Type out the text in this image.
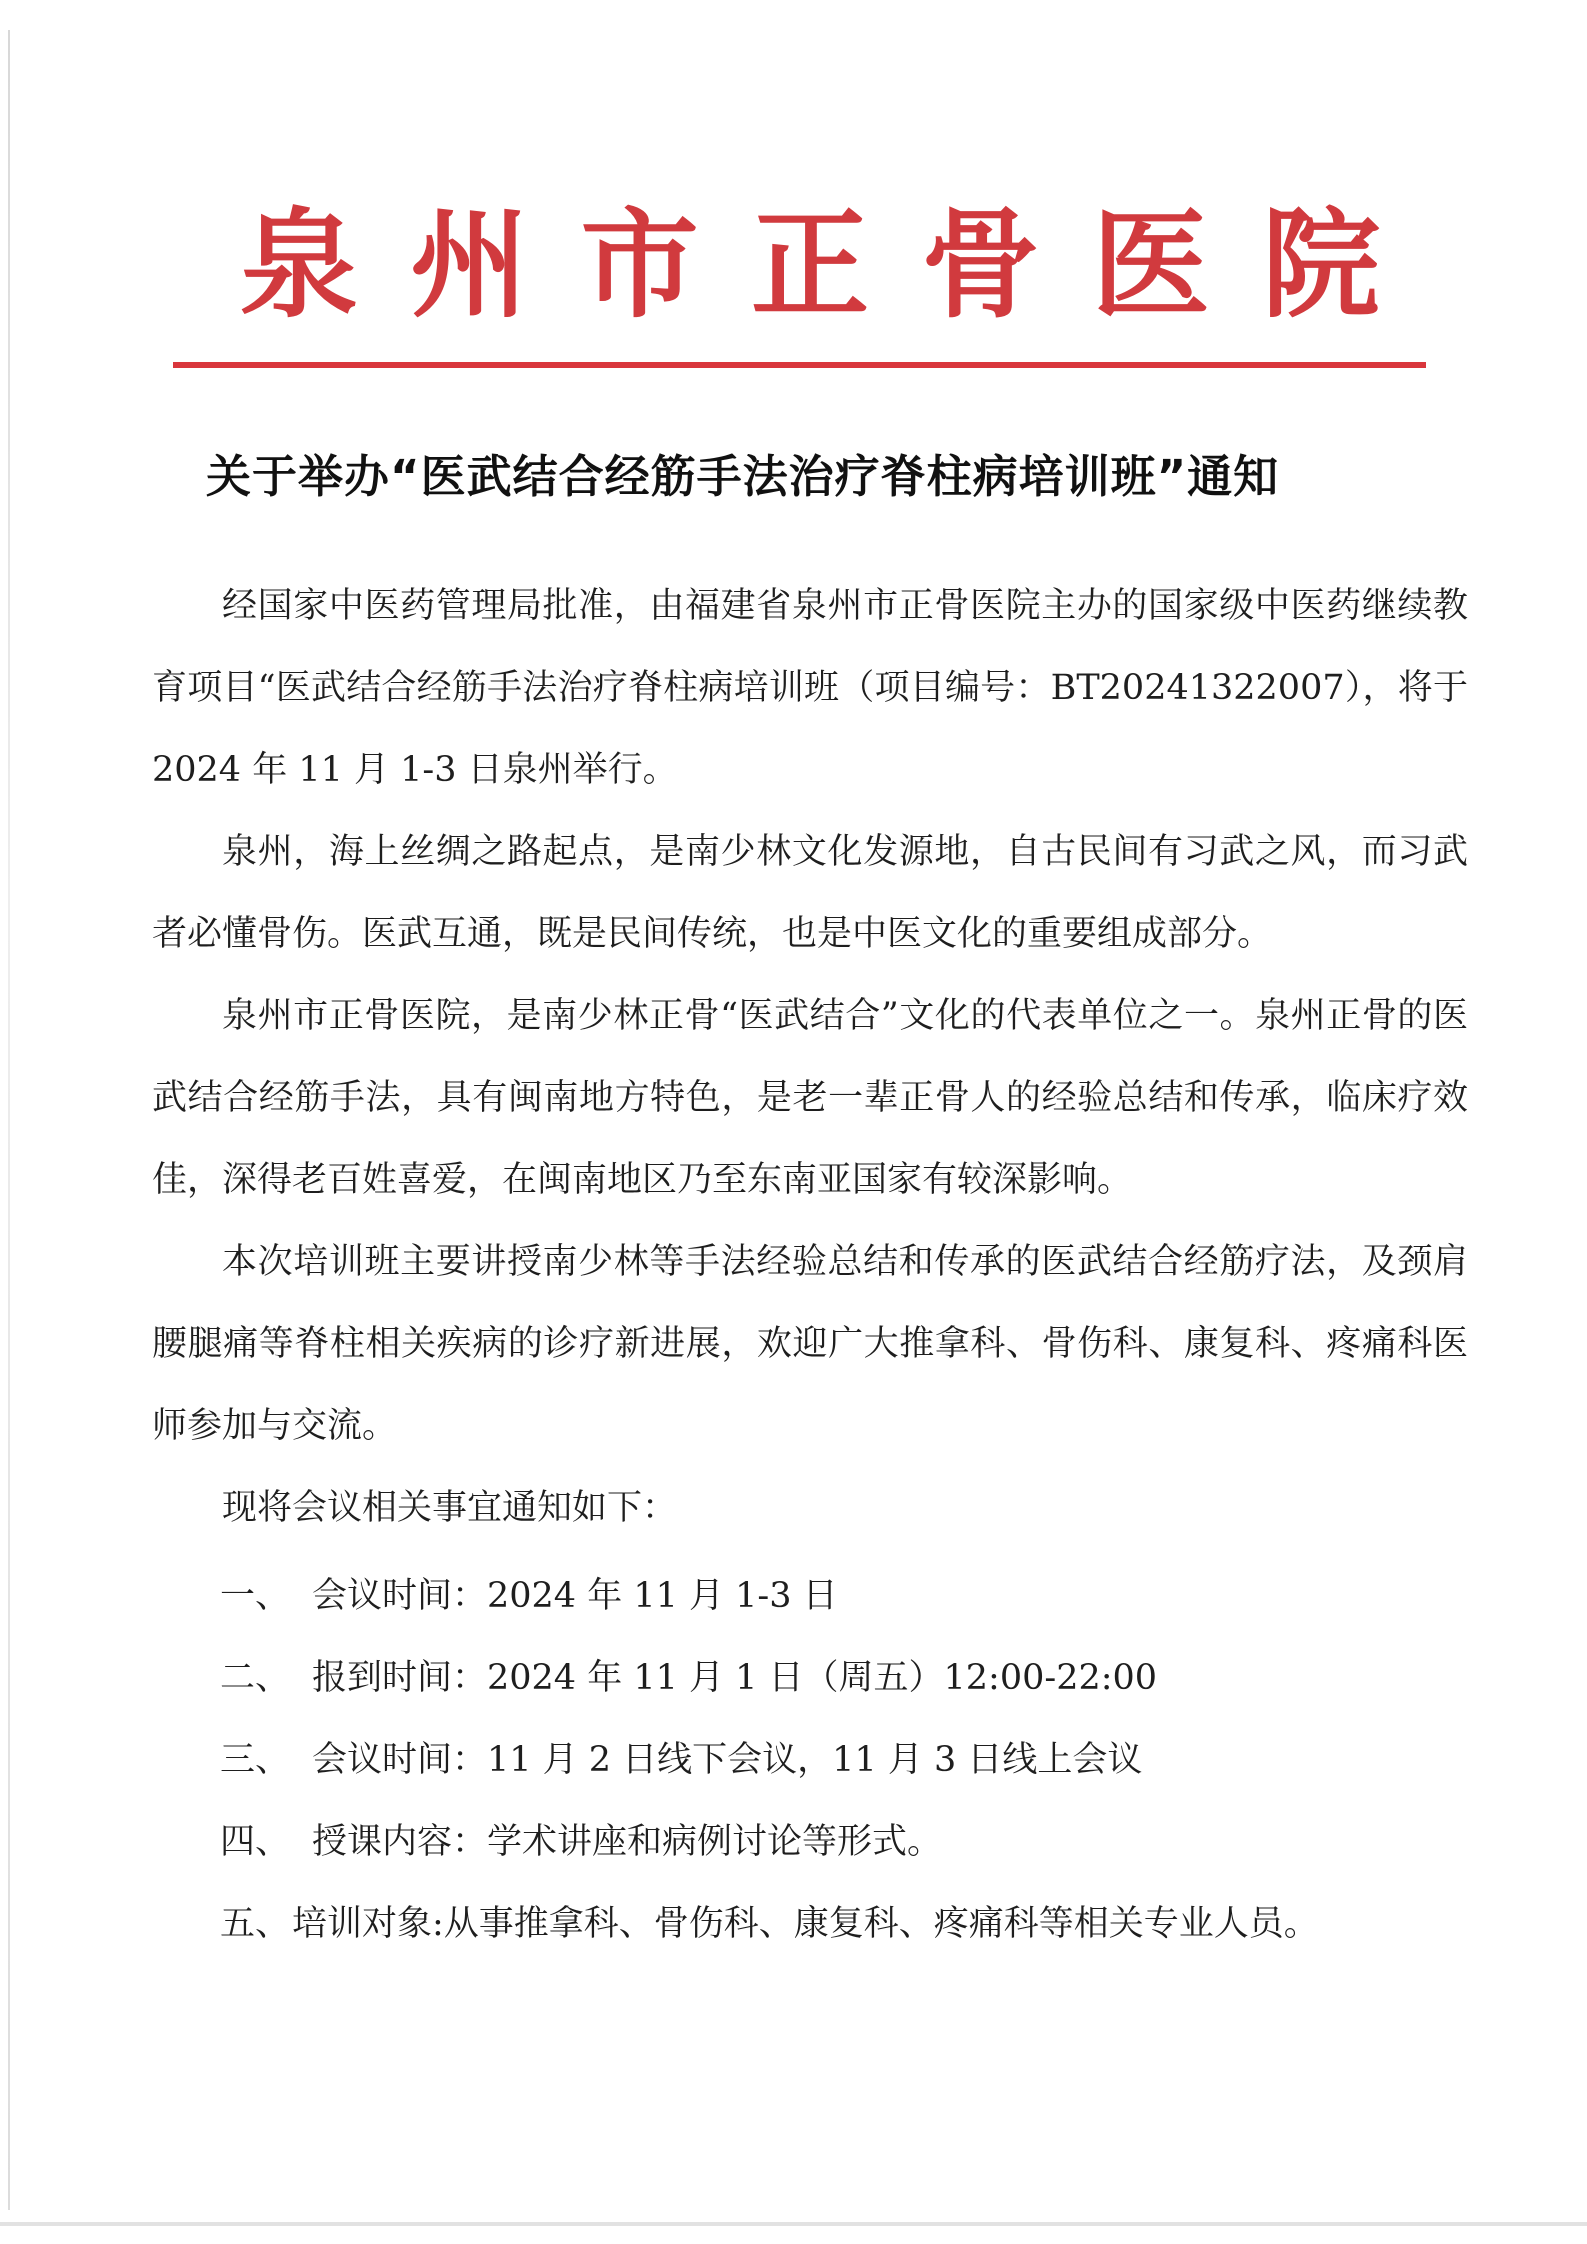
泉 州 市 正 骨 医 院
关于举办“医武结合经筋手法治疗脊柱病培训班”通知

经国家中医药管理局批准，由福建省泉州市正骨医院主办的国家级中医药继续教育项目“医武结合经筋手法治疗脊柱病培训班（项目编号：BT20241322007），将于 2024 年 11 月 1-3 日泉州举行。

泉州，海上丝绸之路起点，是南少林文化发源地，自古民间有习武之风，而习武者必懂骨伤。医武互通，既是民间传统，也是中医文化的重要组成部分。

泉州市正骨医院，是南少林正骨“医武结合”文化的代表单位之一。泉州正骨的医武结合经筋手法，具有闽南地方特色，是老一辈正骨人的经验总结和传承，临床疗效佳，深得老百姓喜爱，在闽南地区乃至东南亚国家有较深影响。

本次培训班主要讲授南少林等手法经验总结和传承的医武结合经筋疗法，及颈肩腰腿痛等脊柱相关疾病的诊疗新进展，欢迎广大推拿科、骨伤科、康复科、疼痛科医师参加与交流。

现将会议相关事宜通知如下：

一、 会议时间：2024 年 11 月 1-3 日
二、 报到时间：2024 年 11 月 1 日（周五）12:00-22:00
三、 会议时间：11 月 2 日线下会议，11 月 3 日线上会议
四、 授课内容：学术讲座和病例讨论等形式。
五、 培训对象:从事推拿科、骨伤科、康复科、疼痛科等相关专业人员。
